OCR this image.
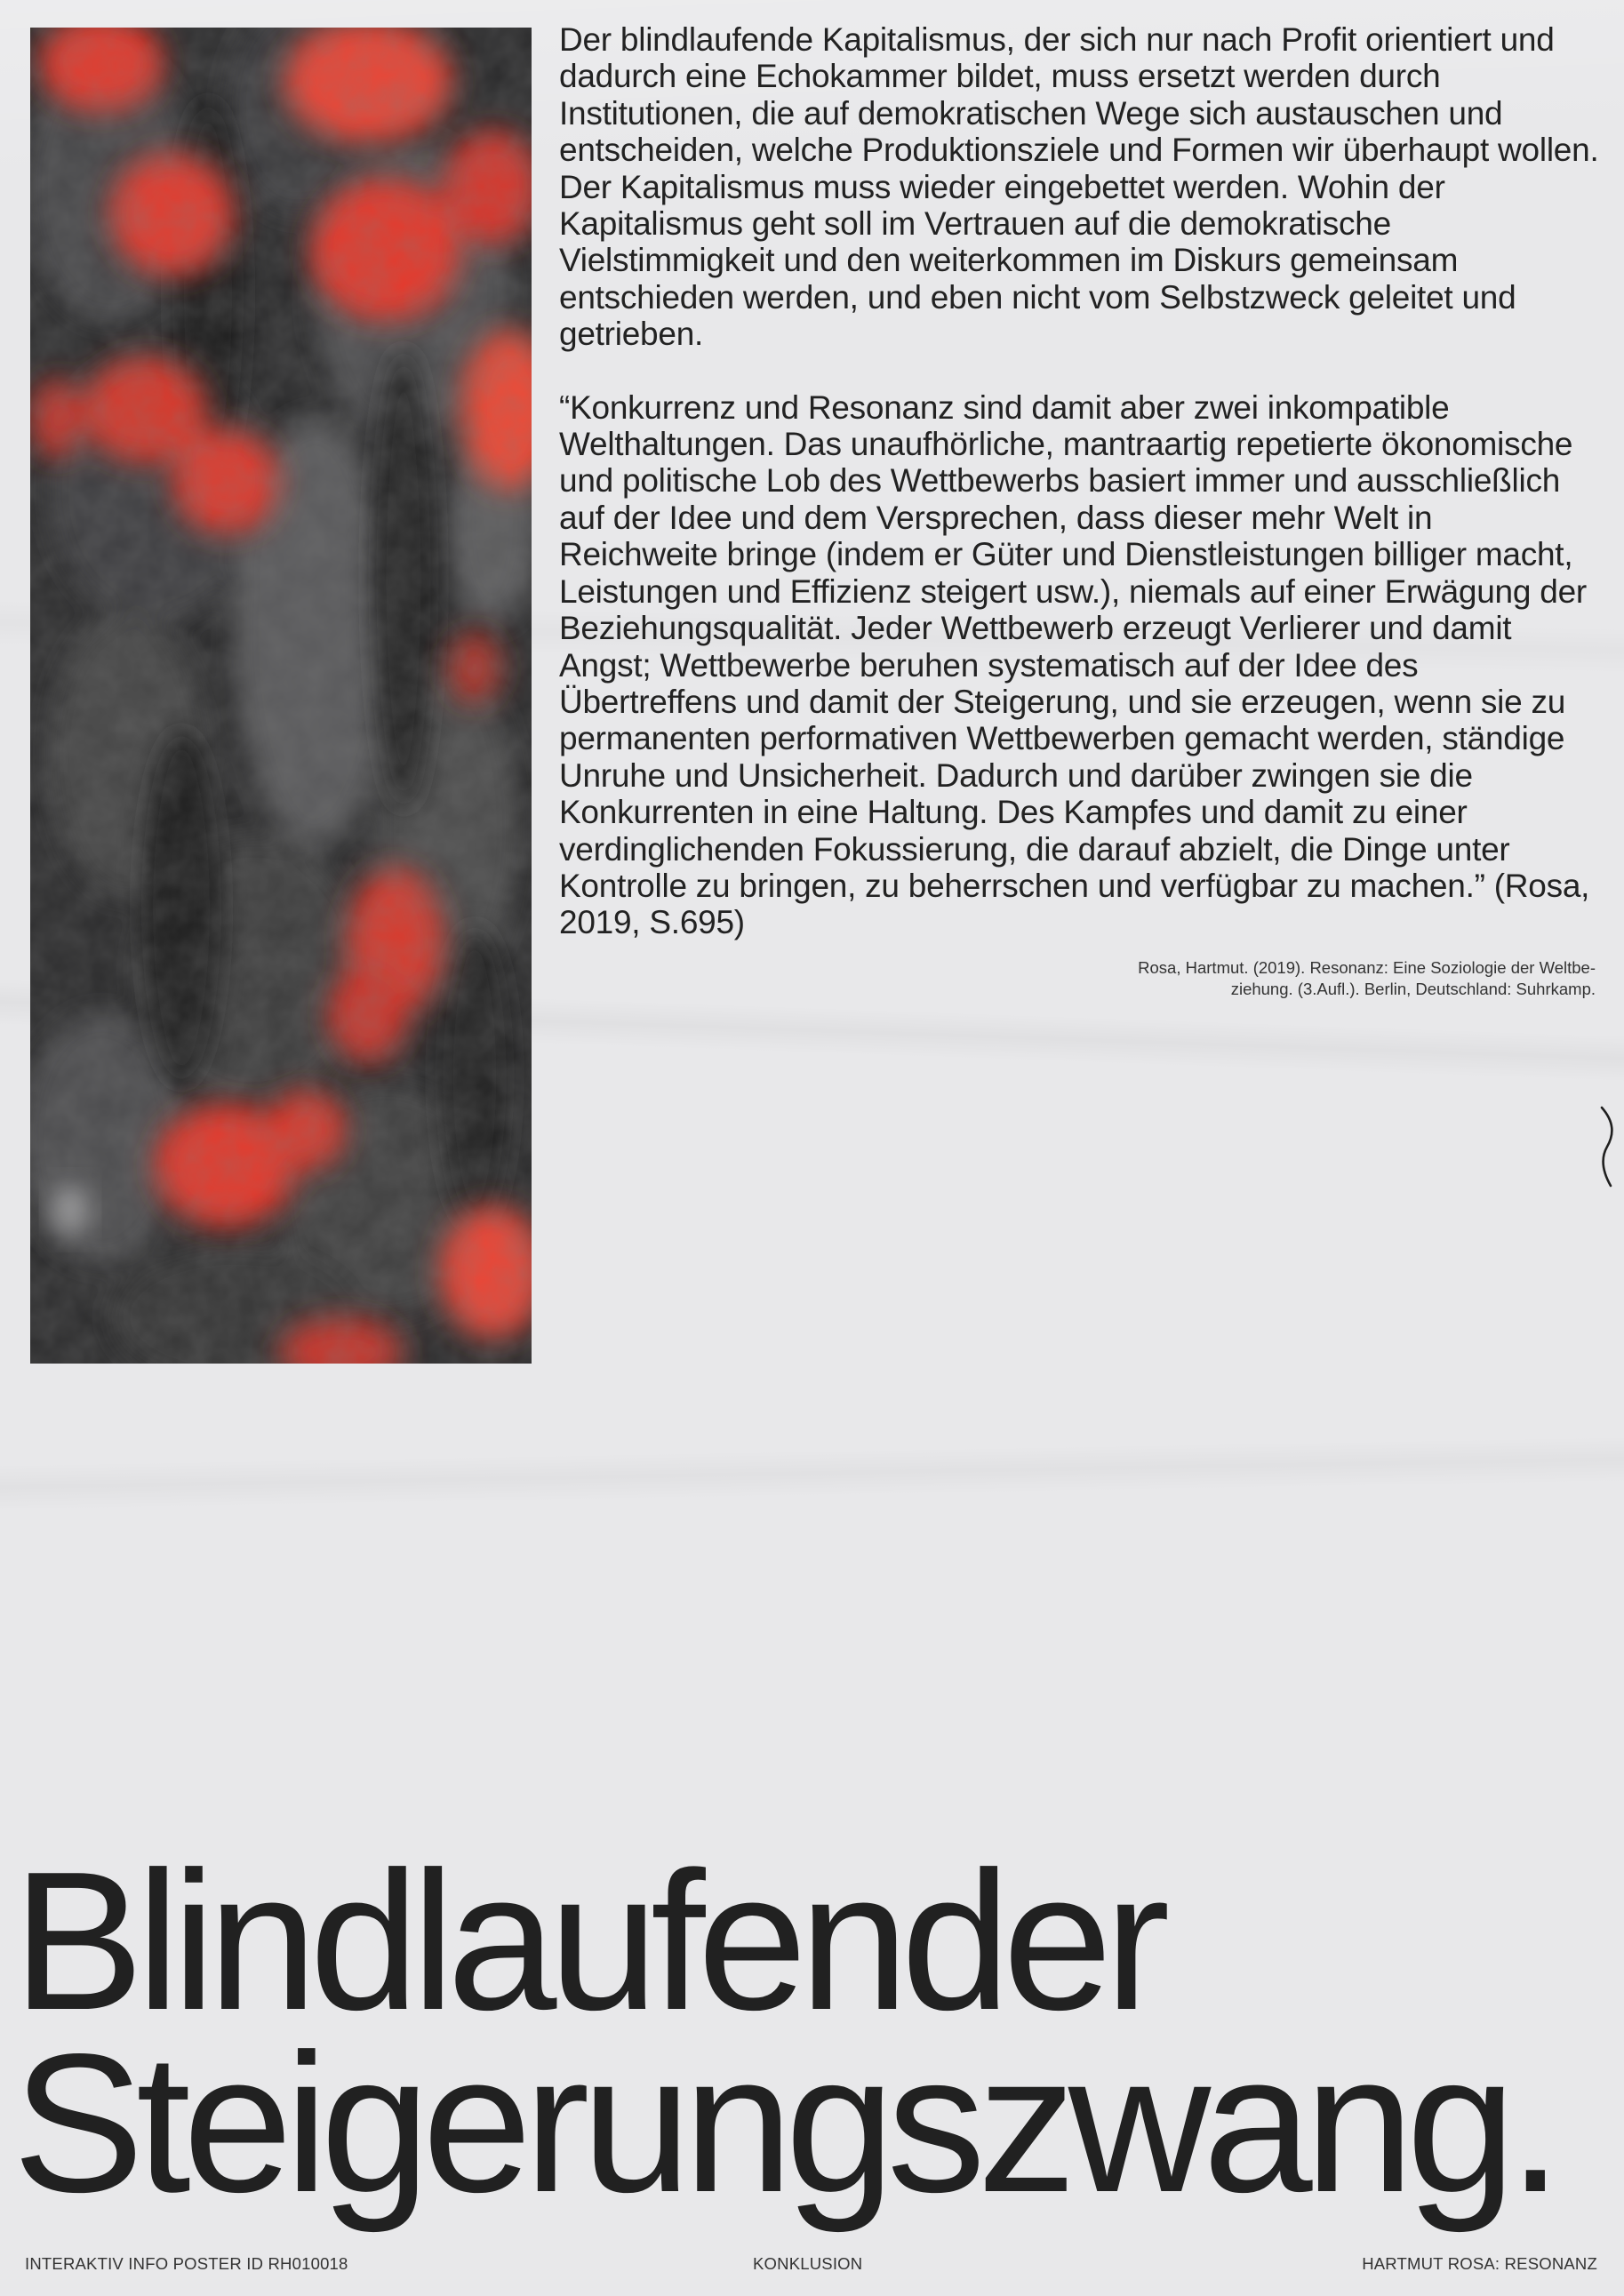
Der blindlaufende Kapitalismus, der sich nur nach Profit orientiert und dadurch eine Echokammer bildet, muss ersetzt werden durch Institutionen, die auf demokratischen Wege sich austauschen und entscheiden, welche Produktionsziele und Formen wir überhaupt wollen. Der Kapitalismus muss wieder eingebettet werden. Wohin der Kapitalismus geht soll im Vertrauen auf die demokratische Vielstimmigkeit und den weiterkommen im Diskurs gemeinsam entschieden werden, und eben nicht vom Selbstzweck geleitet und getrieben.

“Konkurrenz und Resonanz sind damit aber zwei inkompatible Welthaltungen. Das unaufhörliche, mantraartig repetierte ökonomische und politische Lob des Wettbewerbs basiert immer und ausschließlich auf der Idee und dem Versprechen, dass dieser mehr Welt in Reichweite bringe (indem er Güter und Dienstleistungen billiger macht, Leistungen und Effizienz steigert usw.), niemals auf einer Erwägung der Beziehungsqualität. Jeder Wettbewerb erzeugt Verlierer und damit Angst; Wettbewerbe beruhen systematisch auf der Idee des Übertreffens und damit der Steigerung, und sie erzeugen, wenn sie zu permanenten performativen Wettbewerben gemacht werden, ständige Unruhe und Unsicherheit. Dadurch und darüber zwingen sie die Konkurrenten in eine Haltung. Des Kampfes und damit zu einer verdinglichenden Fokussierung, die darauf abzielt, die Dinge unter Kontrolle zu bringen, zu beherrschen und verfügbar zu machen.” (Rosa, 2019, S.695)

Rosa, Hartmut. (2019). Resonanz: Eine Soziologie der Weltbe-
ziehung. (3.Aufl.). Berlin, Deutschland: Suhrkamp.
Blindlaufender
Steigerungszwang.
INTERAKTIV INFO POSTER ID RH010018	KONKLUSION	HARTMUT ROSA: RESONANZ
